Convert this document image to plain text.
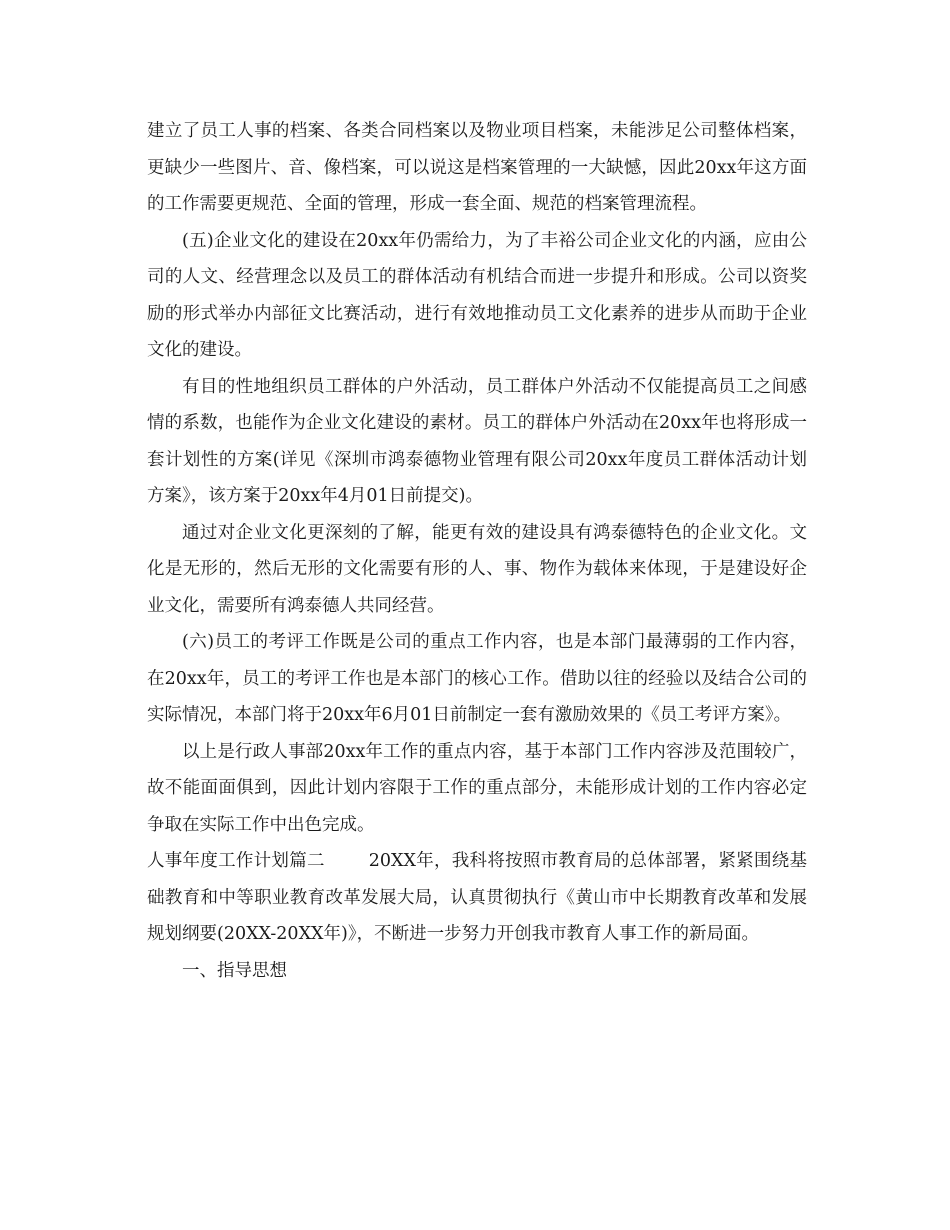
建立了员工人事的档案、各类合同档案以及物业项目档案，未能涉足公司整体档案，更缺少一些图片、音、像档案，可以说这是档案管理的一大缺憾，因此20xx年这方面的工作需要更规范、全面的管理，形成一套全面、规范的档案管理流程。

(五)企业文化的建设在20xx年仍需给力，为了丰裕公司企业文化的内涵，应由公司的人文、经营理念以及员工的群体活动有机结合而进一步提升和形成。公司以资奖励的形式举办内部征文比赛活动，进行有效地推动员工文化素养的进步从而助于企业文化的建设。

有目的性地组织员工群体的户外活动，员工群体户外活动不仅能提高员工之间感情的系数，也能作为企业文化建设的素材。员工的群体户外活动在20xx年也将形成一套计划性的方案(详见《深圳市鸿泰德物业管理有限公司20xx年度员工群体活动计划方案》，该方案于20xx年4月01日前提交)。

通过对企业文化更深刻的了解，能更有效的建设具有鸿泰德特色的企业文化。文化是无形的，然后无形的文化需要有形的人、事、物作为载体来体现，于是建设好企业文化，需要所有鸿泰德人共同经营。

(六)员工的考评工作既是公司的重点工作内容，也是本部门最薄弱的工作内容，在20xx年，员工的考评工作也是本部门的核心工作。借助以往的经验以及结合公司的实际情况，本部门将于20xx年6月01日前制定一套有激励效果的《员工考评方案》。

以上是行政人事部20xx年工作的重点内容，基于本部门工作内容涉及范围较广，故不能面面俱到，因此计划内容限于工作的重点部分，未能形成计划的工作内容必定争取在实际工作中出色完成。

人事年度工作计划篇二	20XX年，我科将按照市教育局的总体部署，紧紧围绕基础教育和中等职业教育改革发展大局，认真贯彻执行《黄山市中长期教育改革和发展规划纲要(20XX-20XX年)》，不断进一步努力开创我市教育人事工作的新局面。

一、指导思想
